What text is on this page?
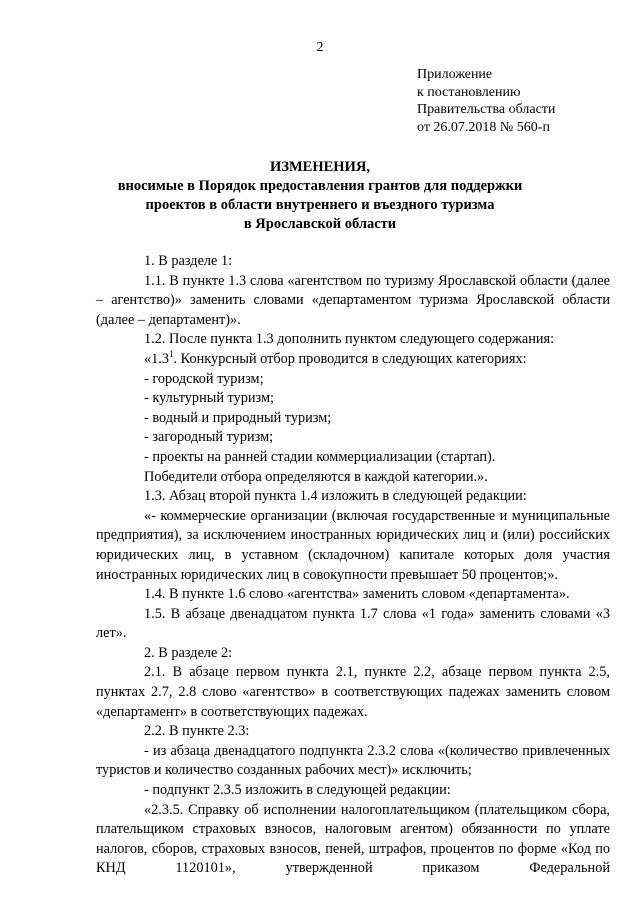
2
Приложение
к постановлению
Правительства области
от 26.07.2018 № 560-п
ИЗМЕНЕНИЯ,
вносимые в Порядок предоставления грантов для поддержки
проектов в области внутреннего и въездного туризма
в Ярославской области

1. В разделе 1:

1.1. В пункте 1.3 слова «агентством по туризму Ярославской области (далее – агентство)» заменить словами «департаментом туризма Ярославской области (далее – департамент)».

1.2. После пункта 1.3 дополнить пунктом следующего содержания:

«$1.3^1$. Конкурсный отбор проводится в следующих категориях:

- городской туризм;

- культурный туризм;

- водный и природный туризм;

- загородный туризм;

- проекты на ранней стадии коммерциализации (стартап).

Победители отбора определяются в каждой категории.».

1.3. Абзац второй пункта 1.4 изложить в следующей редакции:

«- коммерческие организации (включая государственные и муниципальные предприятия), за исключением иностранных юридических лиц и (или) российских юридических лиц, в уставном (складочном) капитале которых доля участия иностранных юридических лиц в совокупности превышает 50 процентов;».

1.4. В пункте 1.6 слово «агентства» заменить словом «департамента».

1.5. В абзаце двенадцатом пункта 1.7 слова «1 года» заменить словами «3 лет».

2. В разделе 2:

2.1. В абзаце первом пункта 2.1, пункте 2.2, абзаце первом пункта 2.5, пунктах 2.7, 2.8 слово «агентство» в соответствующих падежах заменить словом «департамент» в соответствующих падежах.

2.2. В пункте 2.3:

- из абзаца двенадцатого подпункта 2.3.2 слова «(количество привлеченных туристов и количество созданных рабочих мест)» исключить;

- подпункт 2.3.5 изложить в следующей редакции:

«2.3.5. Справку об исполнении налогоплательщиком (плательщиком сбора, плательщиком страховых взносов, налоговым агентом) обязанности по уплате налогов, сборов, страховых взносов, пеней, штрафов, процентов по форме «Код по КНД 1120101», утвержденной приказом Федеральной
